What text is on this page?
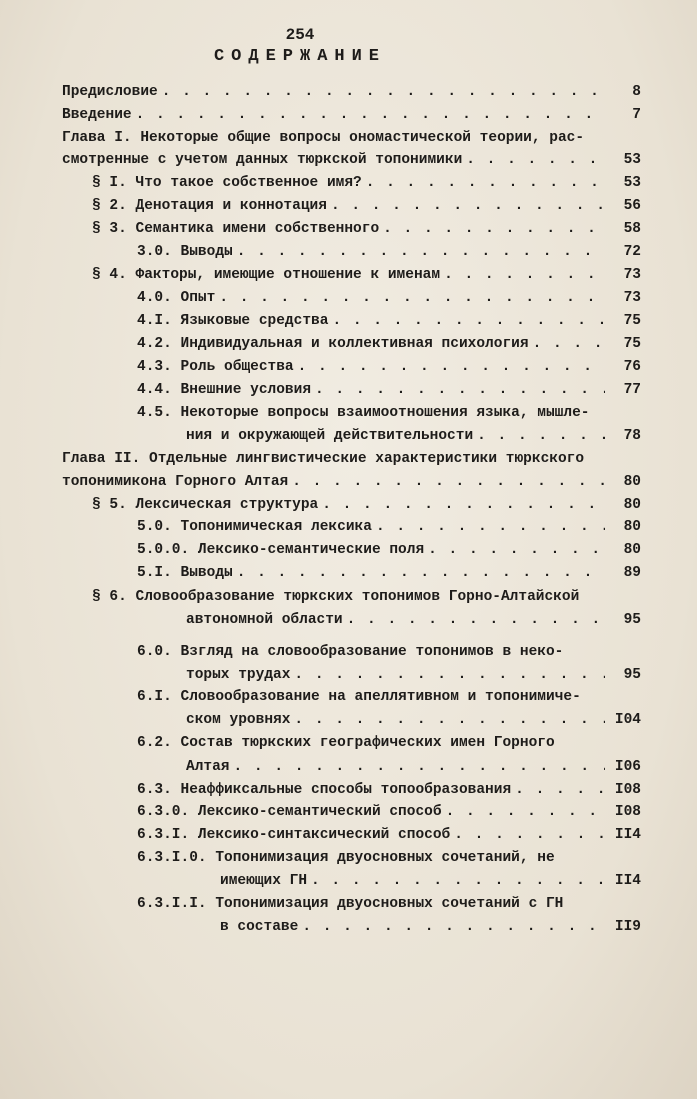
254
СОДЕРЖАНИЕ
Предисловие . . .	8
Введение . . .	7
Глава I. Некоторые общие вопросы ономастической теории, рас-
смотренные с учетом данных тюркской топонимики . . .	53
§ I. Что такое собственное имя? . . .	53
§ 2. Денотация и коннотация . . .	56
§ 3. Семантика имени собственного . . .	58
3.0. Выводы . . .	72
§ 4. Факторы, имеющие отношение к именам . . .	73
4.0. Опыт . . .	73
4.I. Языковые средства . . .	75
4.2. Индивидуальная и коллективная психология . . .	75
4.3. Роль общества . . .	76
4.4. Внешние условия . . .	77
4.5. Некоторые вопросы взаимоотношения языка, мышле-
ния и окружающей действительности . . .	78
Глава II. Отдельные лингвистические характеристики тюркского
топонимикона Горного Алтая . . .	80
§ 5. Лексическая структура . . .	80
5.0. Топонимическая лексика . . .	80
5.0.0. Лексико-семантические поля . . .	80
5.I. Выводы . . .	89
§ 6. Словообразование тюркских топонимов Горно-Алтайской
автономной области . . .	95
6.0. Взгляд на словообразование топонимов в неко-
торых трудах . . .	95
6.I. Словообразование на апеллятивном и топонимиче-
ском уровнях . . .	I04
6.2. Состав тюркских географических имен Горного
Алтая . . .	I06
6.3. Неаффиксальные способы топообразования . . .	I08
6.3.0. Лексико-семантический способ . . .	I08
6.3.I. Лексико-синтаксический способ . . .	II4
6.3.I.0. Топонимизация двуосновных сочетаний, не
имеющих ГН . . .	II4
6.3.I.I. Топонимизация двуосновных сочетаний с ГН
в составе . . .	II9
